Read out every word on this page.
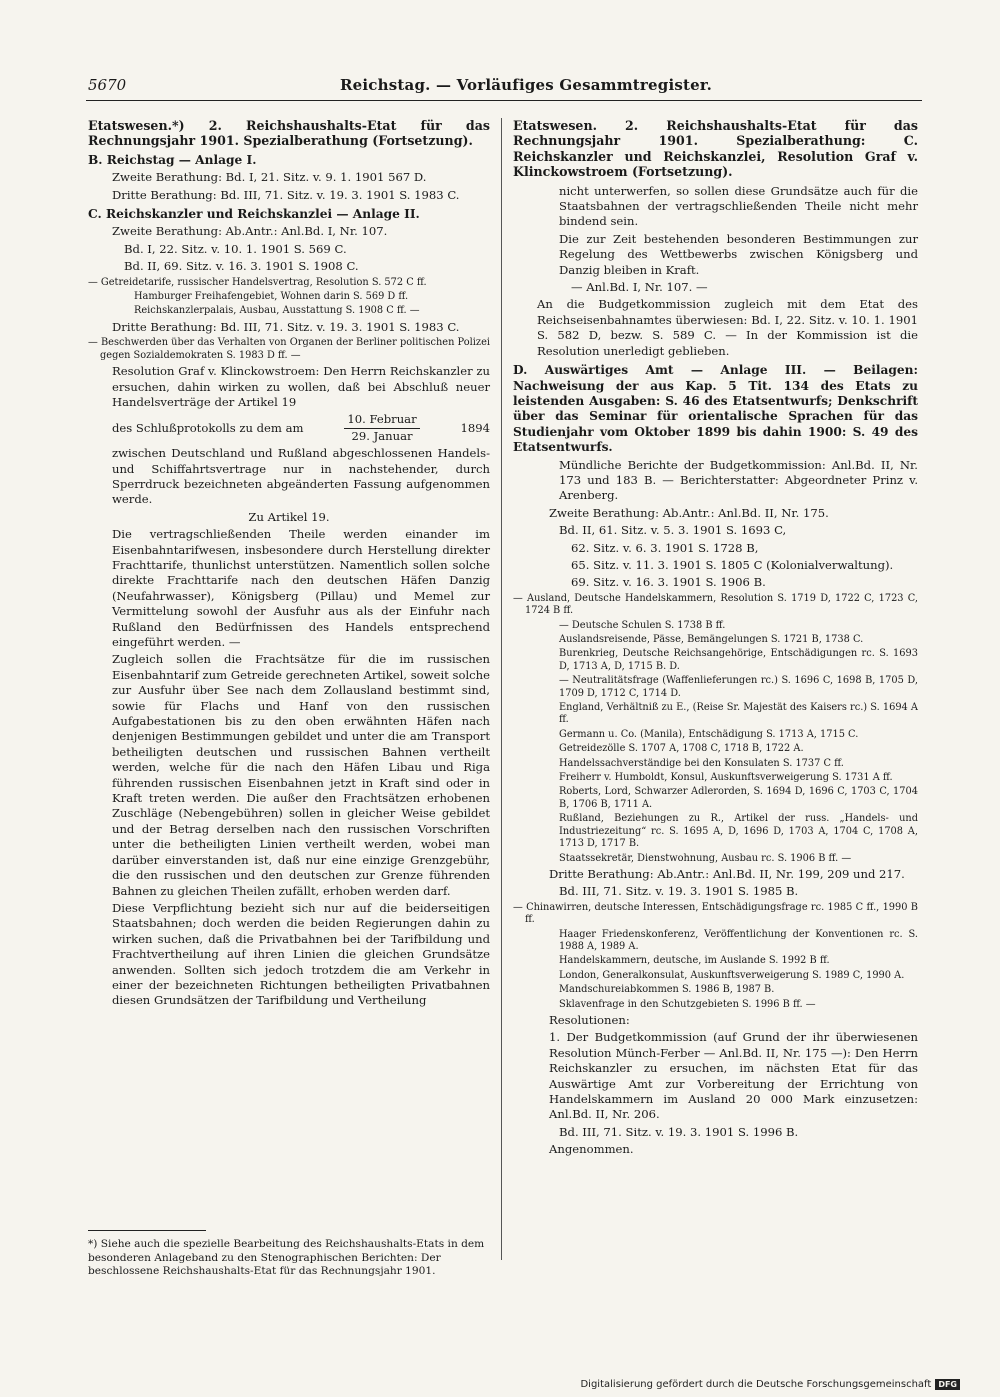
5670	Reichstag. — Vorläufiges Gesammtregister.

Etatswesen.*) 2. Reichshaushalts-Etat für das Rechnungsjahr 1901. Spezialberathung (Fortsetzung).

B. Reichstag — Anlage I.

Zweite Berathung: Bd. I, 21. Sitz. v. 9. 1. 1901 567 D.

Dritte Berathung: Bd. III, 71. Sitz. v. 19. 3. 1901 S. 1983 C.

C. Reichskanzler und Reichskanzlei — Anlage II.

Zweite Berathung: Ab.Antr.: Anl.Bd. I, Nr. 107.

Bd. I, 22. Sitz. v. 10. 1. 1901 S. 569 C.

Bd. II, 69. Sitz. v. 16. 3. 1901 S. 1908 C.

— Getreidetarife, russischer Handelsvertrag, Resolution S. 572 C ff.

Hamburger Freihafengebiet, Wohnen darin S. 569 D ff.

Reichskanzlerpalais, Ausbau, Ausstattung S. 1908 C ff. —

Dritte Berathung: Bd. III, 71. Sitz. v. 19. 3. 1901 S. 1983 C.

— Beschwerden über das Verhalten von Organen der Berliner politischen Polizei gegen Sozialdemokraten S. 1983 D ff. —

Resolution Graf v. Klinckowstroem: Den Herrn Reichskanzler zu ersuchen, dahin wirken zu wollen, daß bei Abschluß neuer Handelsverträge der Artikel 19

des Schlußprotokolls zu dem am	$\frac{\text{10. Februar}}{\text{29. Januar}}$	1894

zwischen Deutschland und Rußland abgeschlossenen Handels- und Schiffahrtsvertrage nur in nachstehender, durch Sperrdruck bezeichneten abgeänderten Fassung aufgenommen werde.

Zu Artikel 19.

Die vertragschließenden Theile werden einander im Eisenbahntarifwesen, insbesondere durch Herstellung direkter Frachttarife, thunlichst unterstützen. Namentlich sollen solche direkte Frachttarife nach den deutschen Häfen Danzig (Neufahrwasser), Königsberg (Pillau) und Memel zur Vermittelung sowohl der Ausfuhr aus als der Einfuhr nach Rußland den Bedürfnissen des Handels entsprechend eingeführt werden. —

Zugleich sollen die Frachtsätze für die im russischen Eisenbahntarif zum Getreide gerechneten Artikel, soweit solche zur Ausfuhr über See nach dem Zollausland bestimmt sind, sowie für Flachs und Hanf von den russischen Aufgabestationen bis zu den oben erwähnten Häfen nach denjenigen Bestimmungen gebildet und unter die am Transport betheiligten deutschen und russischen Bahnen vertheilt werden, welche für die nach den Häfen Libau und Riga führenden russischen Eisenbahnen jetzt in Kraft sind oder in Kraft treten werden. Die außer den Frachtsätzen erhobenen Zuschläge (Nebengebühren) sollen in gleicher Weise gebildet und der Betrag derselben nach den russischen Vorschriften unter die betheiligten Linien vertheilt werden, wobei man darüber einverstanden ist, daß nur eine einzige Grenzgebühr, die den russischen und den deutschen zur Grenze führenden Bahnen zu gleichen Theilen zufällt, erhoben werden darf.

Diese Verpflichtung bezieht sich nur auf die beiderseitigen Staatsbahnen; doch werden die beiden Regierungen dahin zu wirken suchen, daß die Privatbahnen bei der Tarifbildung und Frachtvertheilung auf ihren Linien die gleichen Grundsätze anwenden. Sollten sich jedoch trotzdem die am Verkehr in einer der bezeichneten Richtungen betheiligten Privatbahnen diesen Grundsätzen der Tarifbildung und Vertheilung

Etatswesen. 2. Reichshaushalts-Etat für das Rechnungsjahr 1901. Spezialberathung: C. Reichskanzler und Reichskanzlei, Resolution Graf v. Klinckowstroem (Fortsetzung).

nicht unterwerfen, so sollen diese Grundsätze auch für die Staatsbahnen der vertragschließenden Theile nicht mehr bindend sein.

Die zur Zeit bestehenden besonderen Bestimmungen zur Regelung des Wettbewerbs zwischen Königsberg und Danzig bleiben in Kraft.

— Anl.Bd. I, Nr. 107. —

An die Budgetkommission zugleich mit dem Etat des Reichseisenbahnamtes überwiesen: Bd. I, 22. Sitz. v. 10. 1. 1901 S. 582 D, bezw. S. 589 C. — In der Kommission ist die Resolution unerledigt geblieben.

D. Auswärtiges Amt — Anlage III. — Beilagen: Nachweisung der aus Kap. 5 Tit. 134 des Etats zu leistenden Ausgaben: S. 46 des Etatsentwurfs; Denkschrift über das Seminar für orientalische Sprachen für das Studienjahr vom Oktober 1899 bis dahin 1900: S. 49 des Etatsentwurfs.

Mündliche Berichte der Budgetkommission: Anl.Bd. II, Nr. 173 und 183 B. — Berichterstatter: Abgeordneter Prinz v. Arenberg.

Zweite Berathung: Ab.Antr.: Anl.Bd. II, Nr. 175.

Bd. II, 61. Sitz. v. 5. 3. 1901 S. 1693 C,

62. Sitz. v. 6. 3. 1901 S. 1728 B,

65. Sitz. v. 11. 3. 1901 S. 1805 C (Kolonialverwaltung).

69. Sitz. v. 16. 3. 1901 S. 1906 B.

— Ausland, Deutsche Handelskammern, Resolution S. 1719 D, 1722 C, 1723 C, 1724 B ff.

— Deutsche Schulen S. 1738 B ff.

Auslandsreisende, Pässe, Bemängelungen S. 1721 B, 1738 C.

Burenkrieg, Deutsche Reichsangehörige, Entschädigungen rc. S. 1693 D, 1713 A, D, 1715 B. D.

— Neutralitätsfrage (Waffenlieferungen rc.) S. 1696 C, 1698 B, 1705 D, 1709 D, 1712 C, 1714 D.

England, Verhältniß zu E., (Reise Sr. Majestät des Kaisers rc.) S. 1694 A ff.

Germann u. Co. (Manila), Entschädigung S. 1713 A, 1715 C.

Getreidezölle S. 1707 A, 1708 C, 1718 B, 1722 A.

Handelssachverständige bei den Konsulaten S. 1737 C ff.

Freiherr v. Humboldt, Konsul, Auskunftsverweigerung S. 1731 A ff.

Roberts, Lord, Schwarzer Adlerorden, S. 1694 D, 1696 C, 1703 C, 1704 B, 1706 B, 1711 A.

Rußland, Beziehungen zu R., Artikel der russ. „Handels- und Industriezeitung“ rc. S. 1695 A, D, 1696 D, 1703 A, 1704 C, 1708 A, 1713 D, 1717 B.

Staatssekretär, Dienstwohnung, Ausbau rc. S. 1906 B ff. —

Dritte Berathung: Ab.Antr.: Anl.Bd. II, Nr. 199, 209 und 217.

Bd. III, 71. Sitz. v. 19. 3. 1901 S. 1985 B.

— Chinawirren, deutsche Interessen, Entschädigungsfrage rc. 1985 C ff., 1990 B ff.

Haager Friedenskonferenz, Veröffentlichung der Konventionen rc. S. 1988 A, 1989 A.

Handelskammern, deutsche, im Auslande S. 1992 B ff.

London, Generalkonsulat, Auskunftsverweigerung S. 1989 C, 1990 A.

Mandschureiabkommen S. 1986 B, 1987 B.

Sklavenfrage in den Schutzgebieten S. 1996 B ff. —

Resolutionen:

1. Der Budgetkommission (auf Grund der ihr überwiesenen Resolution Münch-Ferber — Anl.Bd. II, Nr. 175 —): Den Herrn Reichskanzler zu ersuchen, im nächsten Etat für das Auswärtige Amt zur Vorbereitung der Errichtung von Handelskammern im Ausland 20 000 Mark einzusetzen: Anl.Bd. II, Nr. 206.

Bd. III, 71. Sitz. v. 19. 3. 1901 S. 1996 B.

Angenommen.

*) Siehe auch die spezielle Bearbeitung des Reichshaushalts-Etats in dem besonderen Anlageband zu den Stenographischen Berichten: Der beschlossene Reichshaushalts-Etat für das Rechnungsjahr 1901.
Digitalisierung gefördert durch die Deutsche Forschungsgemeinschaft DFG
